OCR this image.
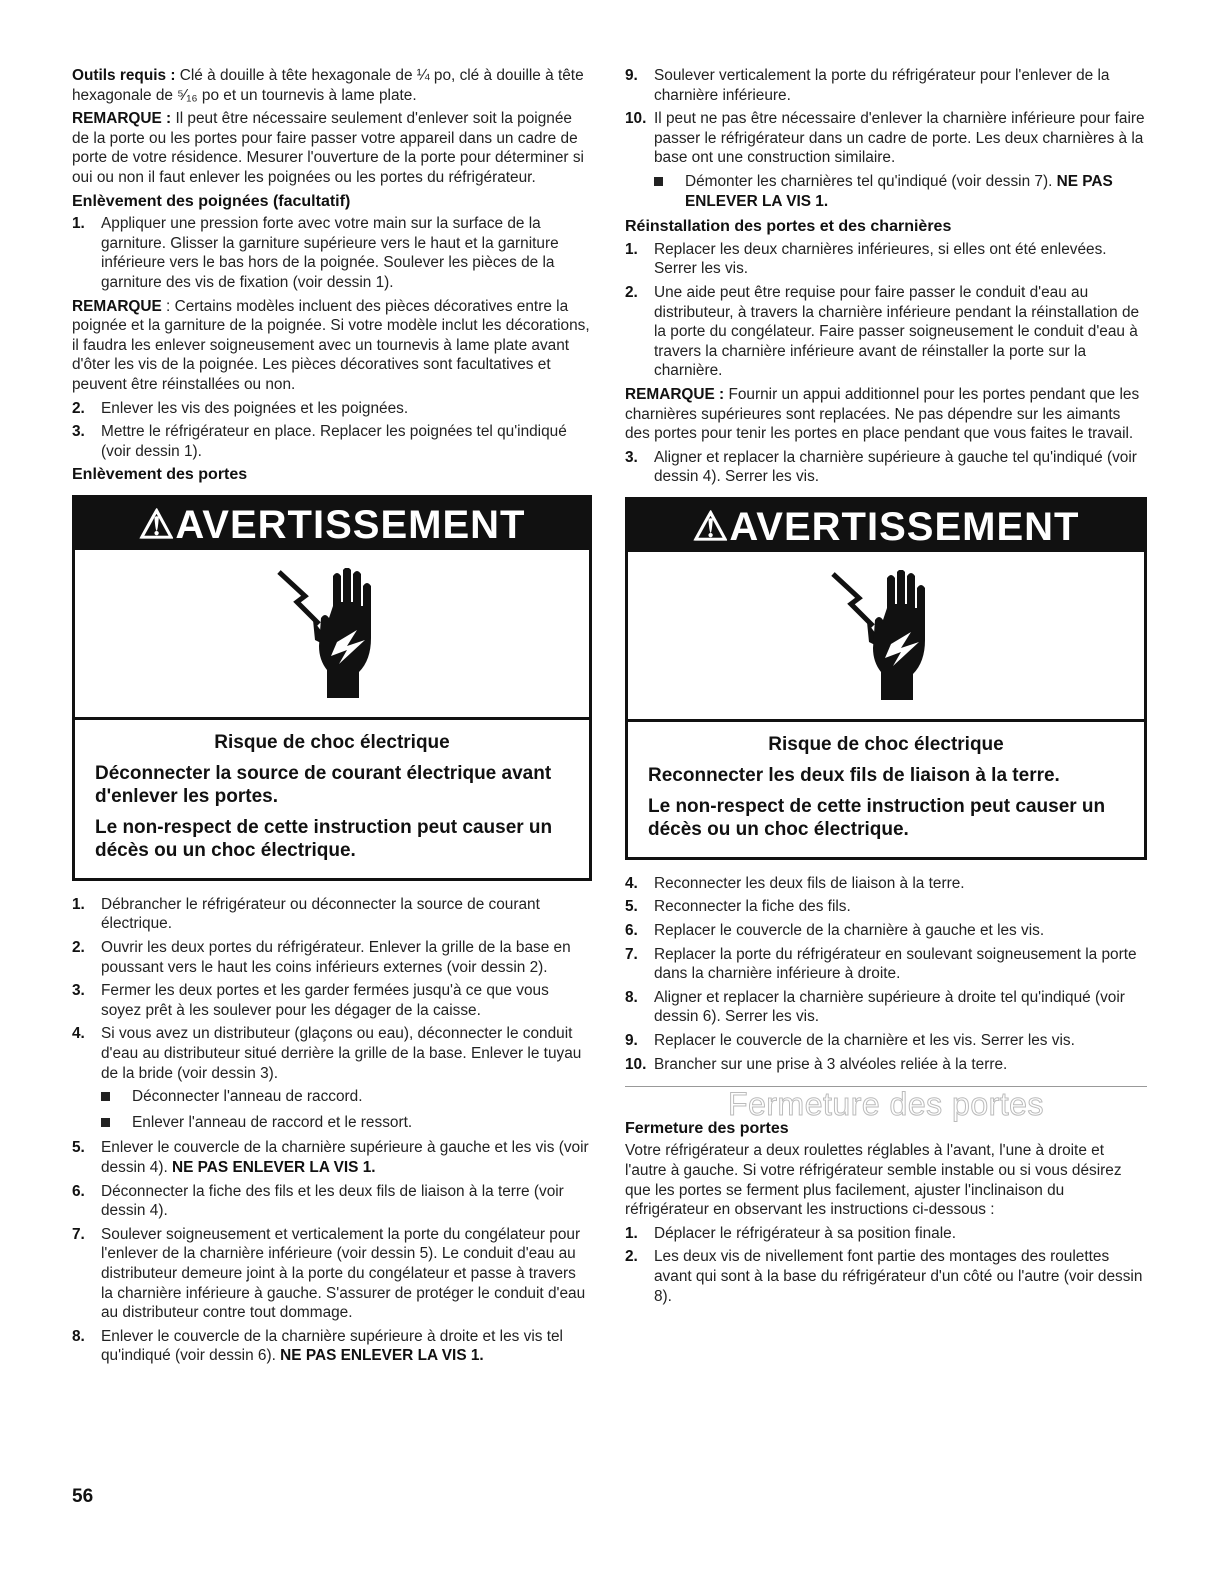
Outils requis : Clé à douille à tête hexagonale de ¼ po, clé à douille à tête hexagonale de ⁵⁄₁₆ po et un tournevis à lame plate.

REMARQUE : Il peut être nécessaire seulement d'enlever soit la poignée de la porte ou les portes pour faire passer votre appareil dans un cadre de porte de votre résidence. Mesurer l'ouverture de la porte pour déterminer si oui ou non il faut enlever les poignées ou les portes du réfrigérateur.

Enlèvement des poignées (facultatif)
1.	Appliquer une pression forte avec votre main sur la surface de la garniture. Glisser la garniture supérieure vers le haut et la garniture inférieure vers le bas hors de la poignée. Soulever les pièces de la garniture des vis de fixation (voir dessin 1).

REMARQUE : Certains modèles incluent des pièces décoratives entre la poignée et la garniture de la poignée. Si votre modèle inclut les décorations, il faudra les enlever soigneusement avec un tournevis à lame plate avant d'ôter les vis de la poignée. Les pièces décoratives sont facultatives et peuvent être réinstallées ou non.

2.	Enlever les vis des poignées et les poignées.
3.	Mettre le réfrigérateur en place. Replacer les poignées tel qu'indiqué (voir dessin 1).
Enlèvement des portes
⚠AVERTISSEMENT
Risque de choc électrique
Déconnecter la source de courant électrique avant d'enlever les portes.
Le non-respect de cette instruction peut causer un décès ou un choc électrique.
1.	Débrancher le réfrigérateur ou déconnecter la source de courant électrique.
2.	Ouvrir les deux portes du réfrigérateur. Enlever la grille de la base en poussant vers le haut les coins inférieurs externes (voir dessin 2).
3.	Fermer les deux portes et les garder fermées jusqu'à ce que vous soyez prêt à les soulever pour les dégager de la caisse.
4.	Si vous avez un distributeur (glaçons ou eau), déconnecter le conduit d'eau au distributeur situé derrière la grille de la base. Enlever le tuyau de la bride (voir dessin 3).
Déconnecter l'anneau de raccord.
Enlever l'anneau de raccord et le ressort.
5.	Enlever le couvercle de la charnière supérieure à gauche et les vis (voir dessin 4). NE PAS ENLEVER LA VIS 1.
6.	Déconnecter la fiche des fils et les deux fils de liaison à la terre (voir dessin 4).
7.	Soulever soigneusement et verticalement la porte du congélateur pour l'enlever de la charnière inférieure (voir dessin 5). Le conduit d'eau au distributeur demeure joint à la porte du congélateur et passe à travers la charnière inférieure à gauche. S'assurer de protéger le conduit d'eau au distributeur contre tout dommage.
8.	Enlever le couvercle de la charnière supérieure à droite et les vis tel qu'indiqué (voir dessin 6). NE PAS ENLEVER LA VIS 1.
9.	Soulever verticalement la porte du réfrigérateur pour l'enlever de la charnière inférieure.
10. Il peut ne pas être nécessaire d'enlever la charnière inférieure pour faire passer le réfrigérateur dans un cadre de porte. Les deux charnières à la base ont une construction similaire.
Démonter les charnières tel qu'indiqué (voir dessin 7). NE PAS ENLEVER LA VIS 1.
Réinstallation des portes et des charnières
1.	Replacer les deux charnières inférieures, si elles ont été enlevées. Serrer les vis.
2.	Une aide peut être requise pour faire passer le conduit d'eau au distributeur, à travers la charnière inférieure pendant la réinstallation de la porte du congélateur. Faire passer soigneusement le conduit d'eau à travers la charnière inférieure avant de réinstaller la porte sur la charnière.

REMARQUE : Fournir un appui additionnel pour les portes pendant que les charnières supérieures sont replacées. Ne pas dépendre sur les aimants des portes pour tenir les portes en place pendant que vous faites le travail.

3.	Aligner et replacer la charnière supérieure à gauche tel qu'indiqué (voir dessin 4). Serrer les vis.
⚠AVERTISSEMENT
Risque de choc électrique
Reconnecter les deux fils de liaison à la terre.
Le non-respect de cette instruction peut causer un décès ou un choc électrique.
4.	Reconnecter les deux fils de liaison à la terre.
5.	Reconnecter la fiche des fils.
6.	Replacer le couvercle de la charnière à gauche et les vis.
7.	Replacer la porte du réfrigérateur en soulevant soigneusement la porte dans la charnière inférieure à droite.
8.	Aligner et replacer la charnière supérieure à droite tel qu'indiqué (voir dessin 6). Serrer les vis.
9.	Replacer le couvercle de la charnière et les vis. Serrer les vis.
10. Brancher sur une prise à 3 alvéoles reliée à la terre.
Fermeture des portes
Fermeture des portes

Votre réfrigérateur a deux roulettes réglables à l'avant, l'une à droite et l'autre à gauche. Si votre réfrigérateur semble instable ou si vous désirez que les portes se ferment plus facilement, ajuster l'inclinaison du réfrigérateur en observant les instructions ci-dessous :

1.	Déplacer le réfrigérateur à sa position finale.
2.	Les deux vis de nivellement font partie des montages des roulettes avant qui sont à la base du réfrigérateur d'un côté ou l'autre (voir dessin 8).
56
